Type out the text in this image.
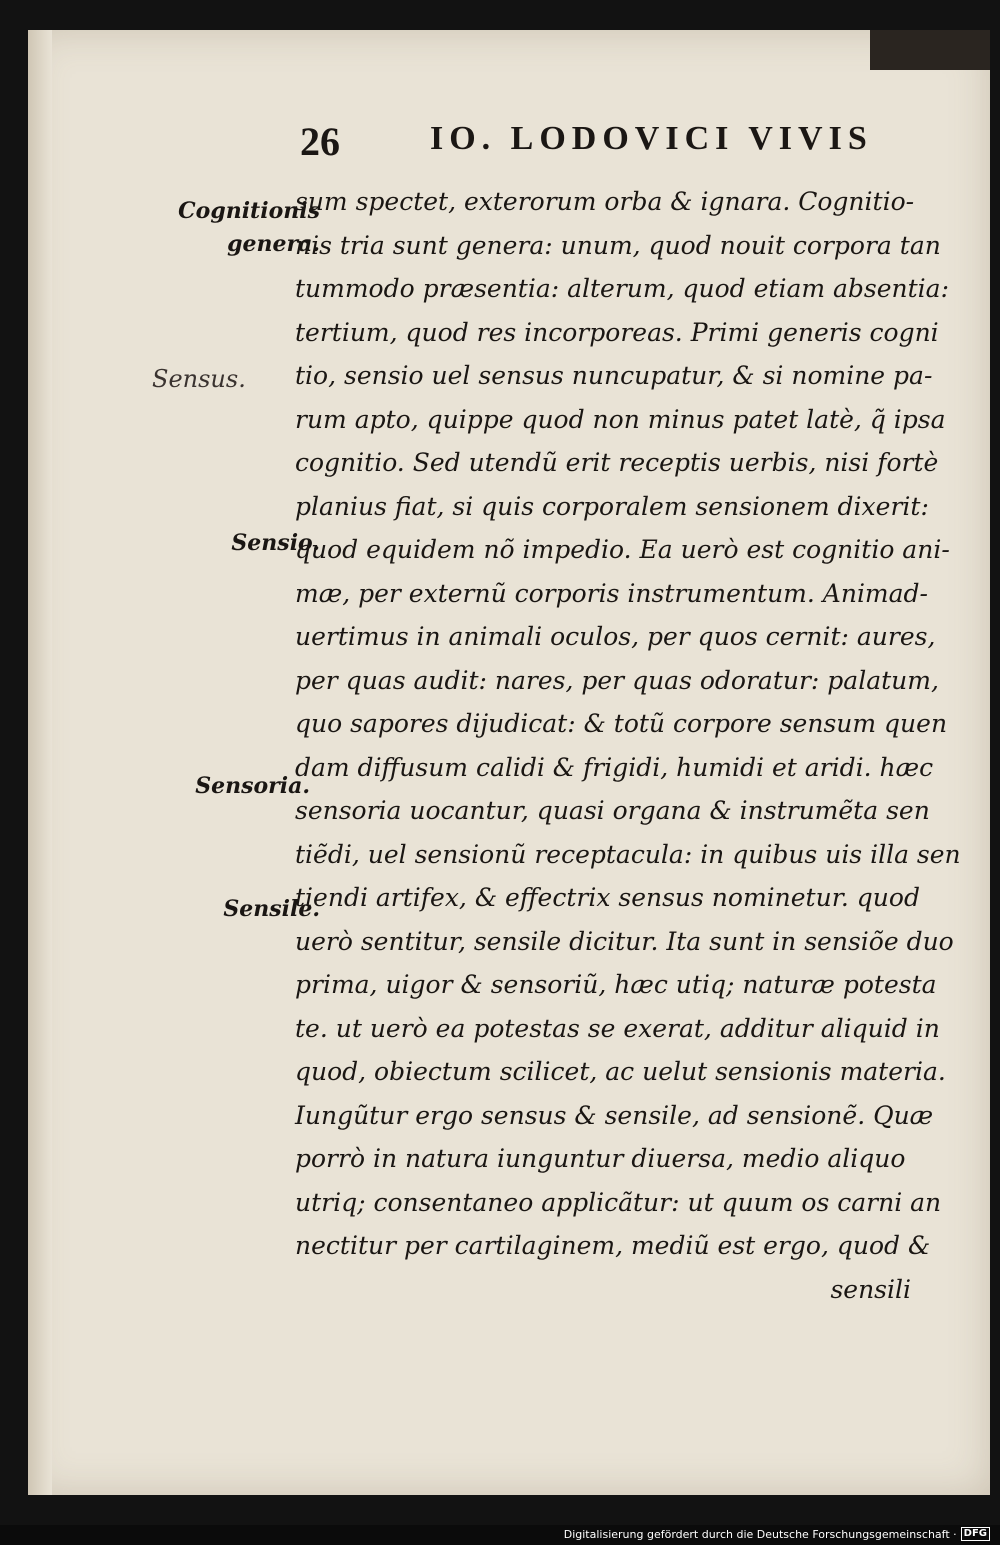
26	IO. LODOVICI VIVIS
Cognitionis
genera.
Sensus.
Sensio.
Sensoria.
Sensile.
sum spectet, exterorum orba & ignara. Cognitio-
nis tria sunt genera: unum, quod nouit corpora tan
tummodo præsentia: alterum, quod etiam absentia:
tertium, quod res incorporeas. Primi generis cogni
tio, sensio uel sensus nuncupatur, & si nomine pa-
rum apto, quippe quod non minus patet latè, q̃ ipsa
cognitio. Sed utendũ erit receptis uerbis, nisi fortè
planius fiat, si quis corporalem sensionem dixerit:
quod equidem nõ impedio. Ea uerò est cognitio ani-
mæ, per externũ corporis instrumentum. Animad-
uertimus in animali oculos, per quos cernit: aures,
per quas audit: nares, per quas odoratur: palatum,
quo sapores dijudicat: & totũ corpore sensum quen
dam diffusum calidi & frigidi, humidi et aridi. hæc
sensoria uocantur, quasi organa & instrumẽta sen
tiẽdi, uel sensionũ receptacula: in quibus uis illa sen
tiendi artifex, & effectrix sensus nominetur. quod
uerò sentitur, sensile dicitur. Ita sunt in sensiõe duo
prima, uigor & sensoriũ, hæc utiq; naturæ potesta
te. ut uerò ea potestas se exerat, additur aliquid in
quod, obiectum scilicet, ac uelut sensionis materia.
Iungũtur ergo sensus & sensile, ad sensionẽ. Quæ
porrò in natura iunguntur diuersa, medio aliquo
utriq; consentaneo applicãtur: ut quum os carni an
nectitur per cartilaginem, mediũ est ergo, quod &
sensili
Digitalisierung gefördert durch die Deutsche Forschungsgemeinschaft · DFG
